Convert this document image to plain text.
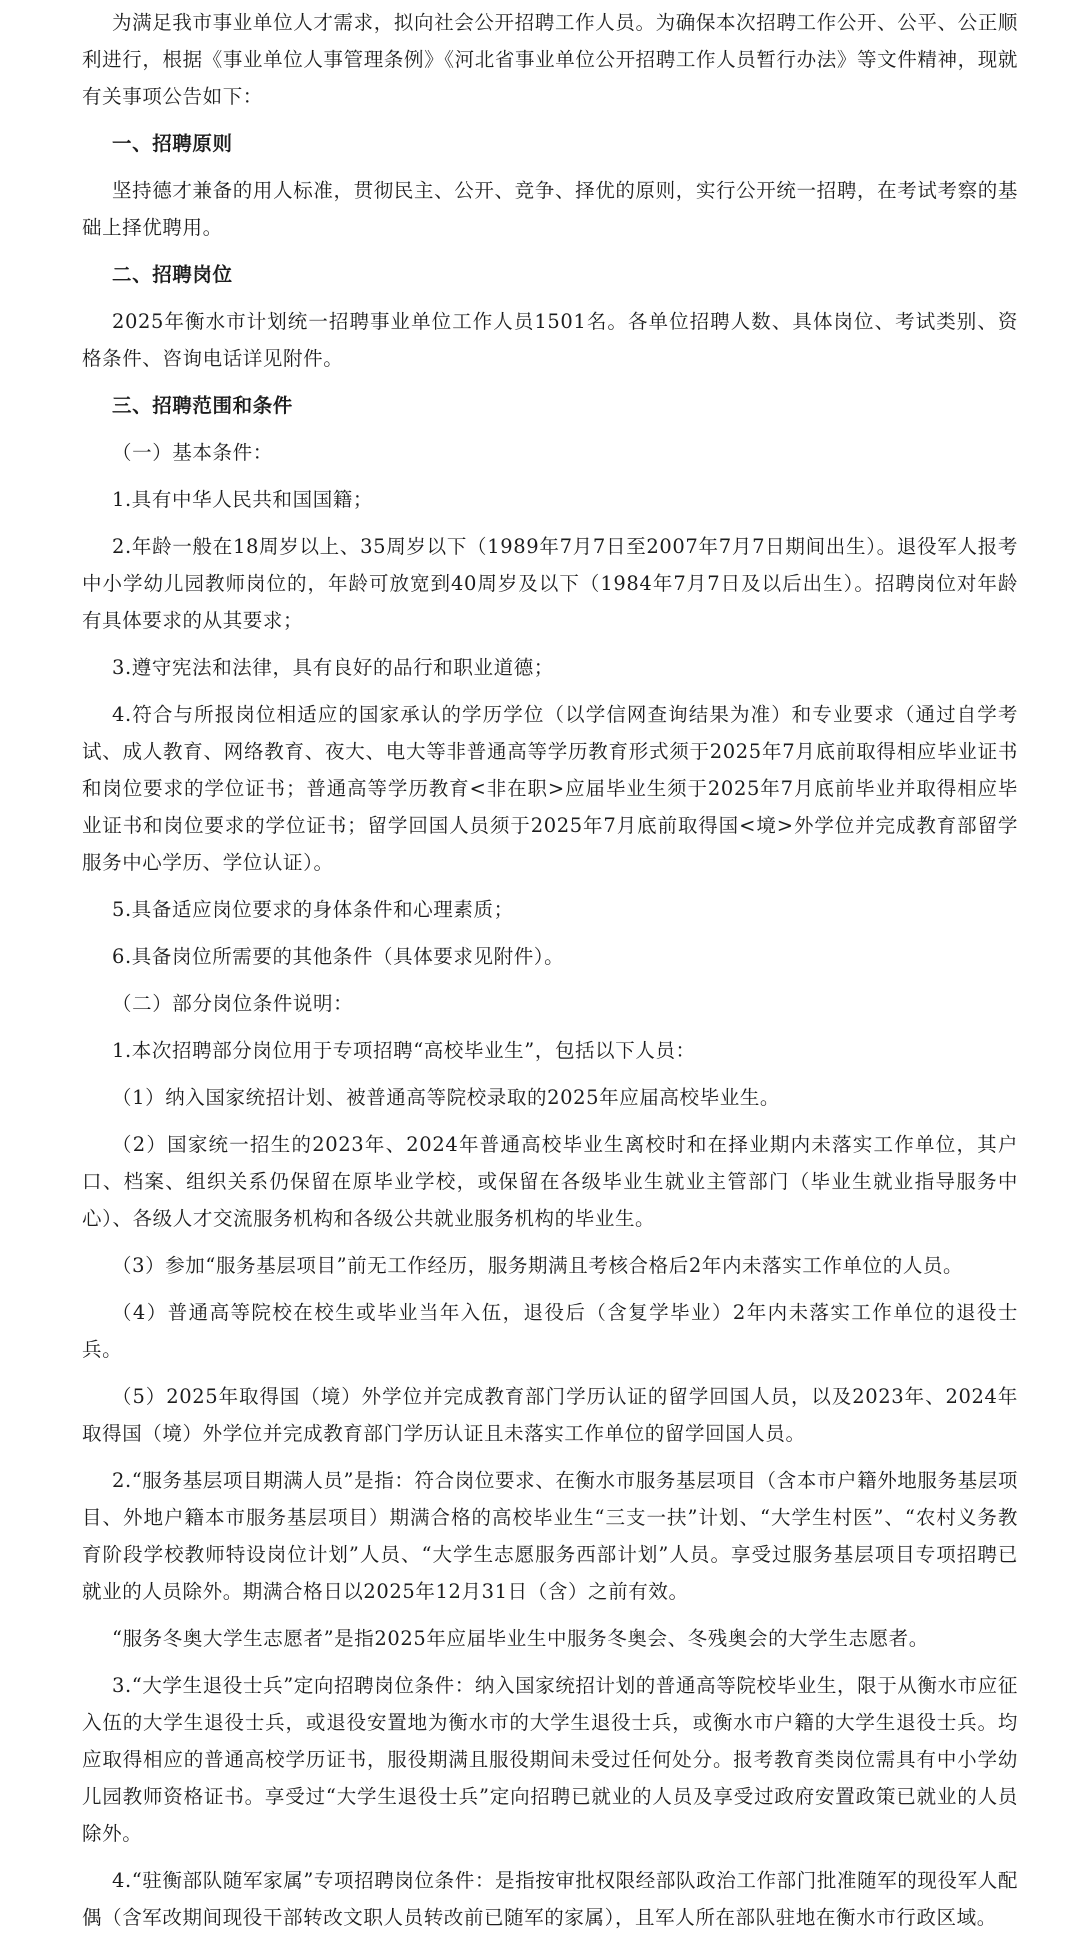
为满足我市事业单位人才需求，拟向社会公开招聘工作人员。为确保本次招聘工作公开、公平、公正顺利进行，根据《事业单位人事管理条例》《河北省事业单位公开招聘工作人员暂行办法》等文件精神，现就有关事项公告如下：

一、招聘原则

坚持德才兼备的用人标准，贯彻民主、公开、竞争、择优的原则，实行公开统一招聘，在考试考察的基础上择优聘用。

二、招聘岗位

2025年衡水市计划统一招聘事业单位工作人员1501名。各单位招聘人数、具体岗位、考试类别、资格条件、咨询电话详见附件。

三、招聘范围和条件
（一）基本条件：

1.具有中华人民共和国国籍；

2.年龄一般在18周岁以上、35周岁以下（1989年7月7日至2007年7月7日期间出生）。退役军人报考中小学幼儿园教师岗位的，年龄可放宽到40周岁及以下（1984年7月7日及以后出生）。招聘岗位对年龄有具体要求的从其要求；

3.遵守宪法和法律，具有良好的品行和职业道德；

4.符合与所报岗位相适应的国家承认的学历学位（以学信网查询结果为准）和专业要求（通过自学考试、成人教育、网络教育、夜大、电大等非普通高等学历教育形式须于2025年7月底前取得相应毕业证书和岗位要求的学位证书；普通高等学历教育<非在职>应届毕业生须于2025年7月底前毕业并取得相应毕业证书和岗位要求的学位证书；留学回国人员须于2025年7月底前取得国<境>外学位并完成教育部留学服务中心学历、学位认证）。

5.具备适应岗位要求的身体条件和心理素质；

6.具备岗位所需要的其他条件（具体要求见附件）。

（二）部分岗位条件说明：

1.本次招聘部分岗位用于专项招聘“高校毕业生”，包括以下人员：

（1）纳入国家统招计划、被普通高等院校录取的2025年应届高校毕业生。

（2）国家统一招生的2023年、2024年普通高校毕业生离校时和在择业期内未落实工作单位，其户口、档案、组织关系仍保留在原毕业学校，或保留在各级毕业生就业主管部门（毕业生就业指导服务中心）、各级人才交流服务机构和各级公共就业服务机构的毕业生。

（3）参加“服务基层项目”前无工作经历，服务期满且考核合格后2年内未落实工作单位的人员。

（4）普通高等院校在校生或毕业当年入伍，退役后（含复学毕业）2年内未落实工作单位的退役士兵。

（5）2025年取得国（境）外学位并完成教育部门学历认证的留学回国人员，以及2023年、2024年取得国（境）外学位并完成教育部门学历认证且未落实工作单位的留学回国人员。

2.“服务基层项目期满人员”是指：符合岗位要求、在衡水市服务基层项目（含本市户籍外地服务基层项目、外地户籍本市服务基层项目）期满合格的高校毕业生“三支一扶”计划、“大学生村医”、“农村义务教育阶段学校教师特设岗位计划”人员、“大学生志愿服务西部计划”人员。享受过服务基层项目专项招聘已就业的人员除外。期满合格日以2025年12月31日（含）之前有效。

“服务冬奥大学生志愿者”是指2025年应届毕业生中服务冬奥会、冬残奥会的大学生志愿者。

3.“大学生退役士兵”定向招聘岗位条件：纳入国家统招计划的普通高等院校毕业生，限于从衡水市应征入伍的大学生退役士兵，或退役安置地为衡水市的大学生退役士兵，或衡水市户籍的大学生退役士兵。均应取得相应的普通高校学历证书，服役期满且服役期间未受过任何处分。报考教育类岗位需具有中小学幼儿园教师资格证书。享受过“大学生退役士兵”定向招聘已就业的人员及享受过政府安置政策已就业的人员除外。

4.“驻衡部队随军家属”专项招聘岗位条件：是指按审批权限经部队政治工作部门批准随军的现役军人配偶（含军改期间现役干部转改文职人员转改前已随军的家属），且军人所在部队驻地在衡水市行政区域。
